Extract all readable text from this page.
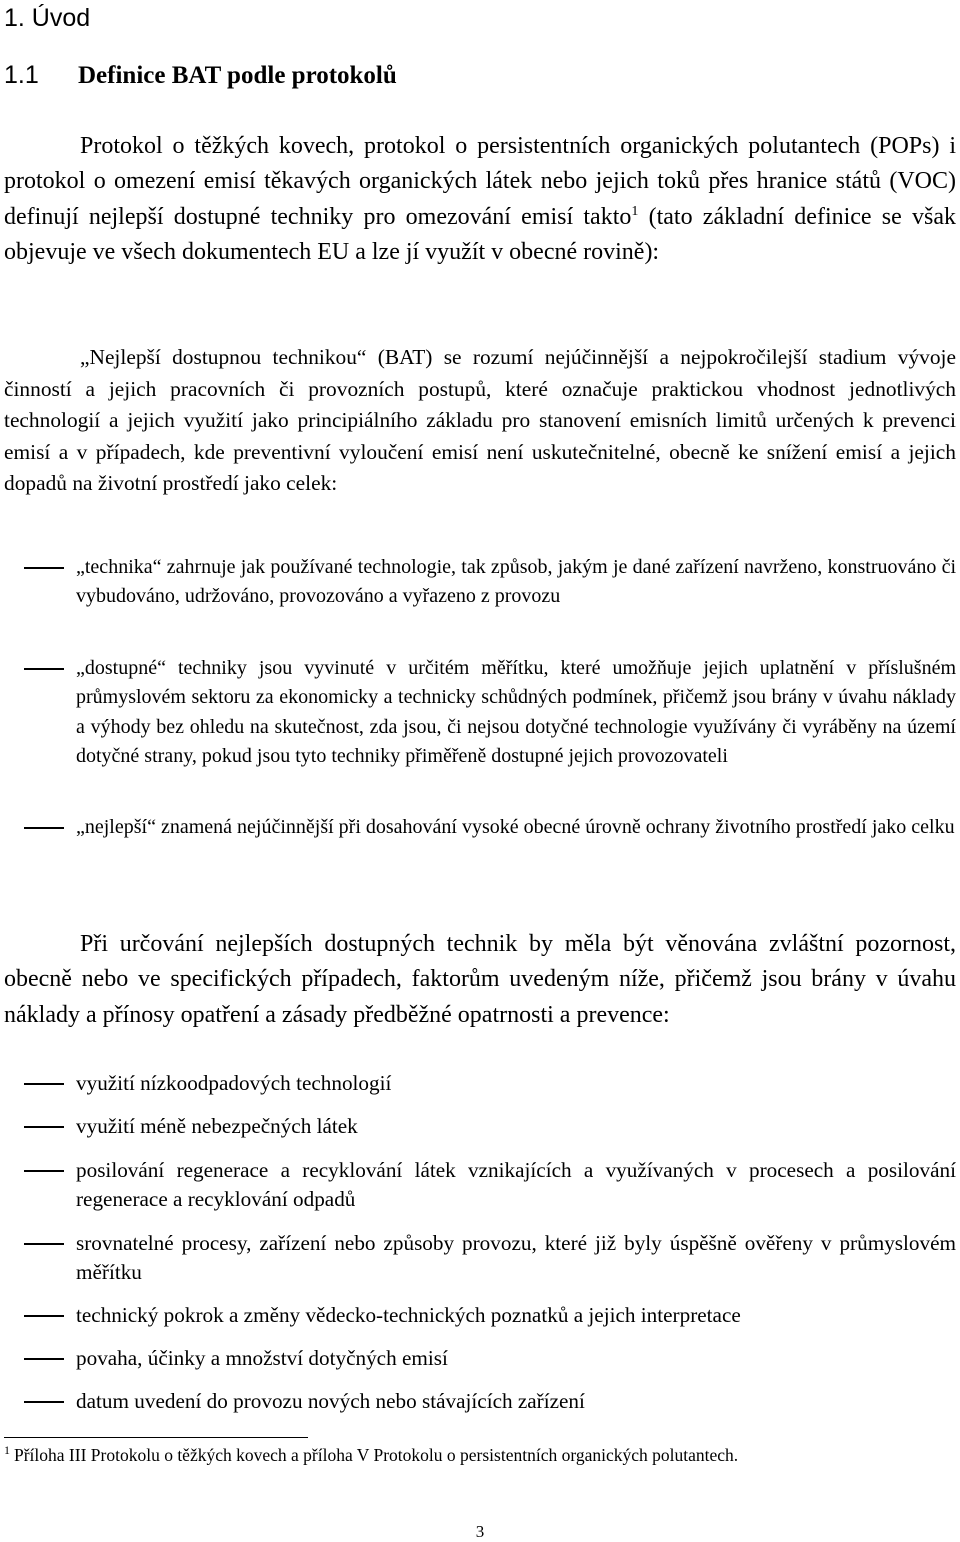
1. Úvod
1.1 Definice BAT podle protokolů
Protokol o těžkých kovech, protokol o persistentních organických polutantech (POPs) i protokol o omezení emisí těkavých organických látek nebo jejich toků přes hranice států (VOC) definují nejlepší dostupné techniky pro omezování emisí takto$^1$ (tato základní definice se však objevuje ve všech dokumentech EU a lze jí využít v obecné rovině):
„Nejlepší dostupnou technikou“ (BAT) se rozumí nejúčinnější a nejpokročilejší stadium vývoje činností a jejich pracovních či provozních postupů, které označuje praktickou vhodnost jednotlivých technologií a jejich využití jako principiálního základu pro stanovení emisních limitů určených k prevenci emisí a v případech, kde preventivní vyloučení emisí není uskutečnitelné, obecně ke snížení emisí a jejich dopadů na životní prostředí jako celek:
„technika“ zahrnuje jak používané technologie, tak způsob, jakým je dané zařízení navrženo, konstruováno či vybudováno, udržováno, provozováno a vyřazeno z provozu
„dostupné“ techniky jsou vyvinuté v určitém měřítku, které umožňuje jejich uplatnění v příslušném průmyslovém sektoru za ekonomicky a technicky schůdných podmínek, přičemž jsou brány v úvahu náklady a výhody bez ohledu na skutečnost, zda jsou, či nejsou dotyčné technologie využívány či vyráběny na území dotyčné strany, pokud jsou tyto techniky přiměřeně dostupné jejich provozovateli
„nejlepší“ znamená nejúčinnější při dosahování vysoké obecné úrovně ochrany životního prostředí jako celku
Při určování nejlepších dostupných technik by měla být věnována zvláštní pozornost, obecně nebo ve specifických případech, faktorům uvedeným níže, přičemž jsou brány v úvahu náklady a přínosy opatření a zásady předběžné opatrnosti a prevence:
využití nízkoodpadových technologií
využití méně nebezpečných látek
posilování regenerace a recyklování látek vznikajících a využívaných v procesech a posilování regenerace a recyklování odpadů
srovnatelné procesy, zařízení nebo způsoby provozu, které již byly úspěšně ověřeny v průmyslovém měřítku
technický pokrok a změny vědecko-technických poznatků a jejich interpretace
povaha, účinky a množství dotyčných emisí
datum uvedení do provozu nových nebo stávajících zařízení
$^1$ Příloha III Protokolu o těžkých kovech a příloha V Protokolu o persistentních organických polutantech.
3
